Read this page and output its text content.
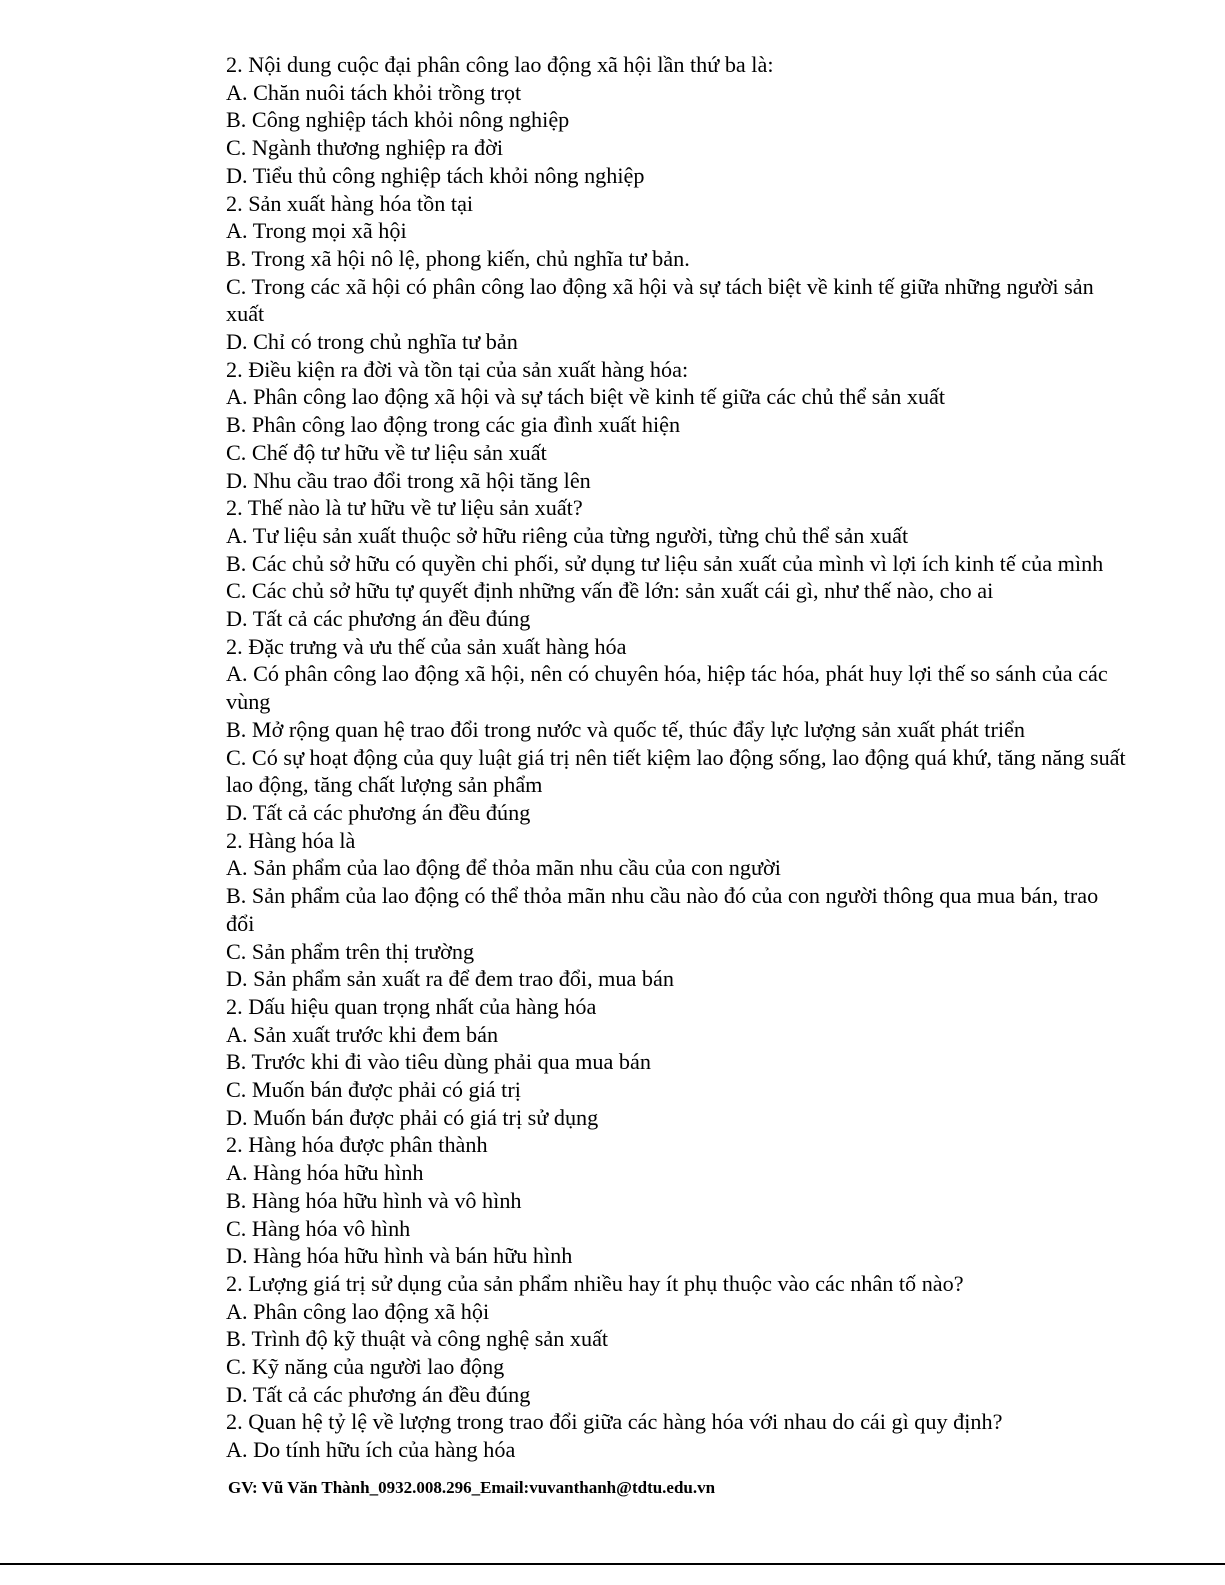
2. Nội dung cuộc đại phân công lao động xã hội lần thứ ba là:
A. Chăn nuôi tách khỏi trồng trọt
B. Công nghiệp tách khỏi nông nghiệp
C. Ngành thương nghiệp ra đời
D. Tiểu thủ công nghiệp tách khỏi nông nghiệp
2. Sản xuất hàng hóa tồn tại
A. Trong mọi xã hội
B. Trong xã hội nô lệ, phong kiến, chủ nghĩa tư bản.
C. Trong các xã hội có phân công lao động xã hội và sự tách biệt về kinh tế giữa những người sản xuất
D. Chỉ có trong chủ nghĩa tư bản
2. Điều kiện ra đời và tồn tại của sản xuất hàng hóa:
A. Phân công lao động xã hội và sự tách biệt về kinh tế giữa các chủ thể sản xuất
B. Phân công lao động trong các gia đình xuất hiện
C. Chế độ tư hữu về tư liệu sản xuất
D. Nhu cầu trao đổi trong xã hội tăng lên
2. Thế nào là tư hữu về tư liệu sản xuất?
A. Tư liệu sản xuất thuộc sở hữu riêng của từng người, từng chủ thể sản xuất
B. Các chủ sở hữu có quyền chi phối, sử dụng tư liệu sản xuất của mình vì lợi ích kinh tế của mình
C. Các chủ sở hữu tự quyết định những vấn đề lớn: sản xuất cái gì, như thế nào, cho ai
D. Tất cả các phương án đều đúng
2. Đặc trưng và ưu thế của sản xuất hàng hóa
A. Có phân công lao động xã hội, nên có chuyên hóa, hiệp tác hóa, phát huy lợi thế so sánh của các vùng
B. Mở rộng quan hệ trao đổi trong nước và quốc tế, thúc đẩy lực lượng sản xuất phát triển
C. Có sự hoạt động của quy luật giá trị nên tiết kiệm lao động sống, lao động quá khứ, tăng năng suất lao động, tăng chất lượng sản phẩm
D. Tất cả các phương án đều đúng
2. Hàng hóa là
A. Sản phẩm của lao động để thỏa mãn nhu cầu của con người
B. Sản phẩm của lao động có thể thỏa mãn nhu cầu nào đó của con người thông qua mua bán, trao đổi
C. Sản phẩm trên thị trường
D. Sản phẩm sản xuất ra để đem trao đổi, mua bán
2. Dấu hiệu quan trọng nhất của hàng hóa
A. Sản xuất trước khi đem bán
B. Trước khi đi vào tiêu dùng phải qua mua bán
C. Muốn bán được phải có giá trị
D. Muốn bán được phải có giá trị sử dụng
2. Hàng hóa được phân thành
A. Hàng hóa hữu hình
B. Hàng hóa hữu hình và vô hình
C. Hàng hóa vô hình
D. Hàng hóa hữu hình và bán hữu hình
2. Lượng giá trị sử dụng của sản phẩm nhiều hay ít phụ thuộc vào các nhân tố nào?
A. Phân công lao động xã hội
B. Trình độ kỹ thuật và công nghệ sản xuất
C. Kỹ năng của người lao động
D. Tất cả các phương án đều đúng
2. Quan hệ tỷ lệ về lượng trong trao đổi giữa các hàng hóa với nhau do cái gì quy định?
A. Do tính hữu ích của hàng hóa
GV: Vũ Văn Thành_0932.008.296_Email:vuvanthanh@tdtu.edu.vn
